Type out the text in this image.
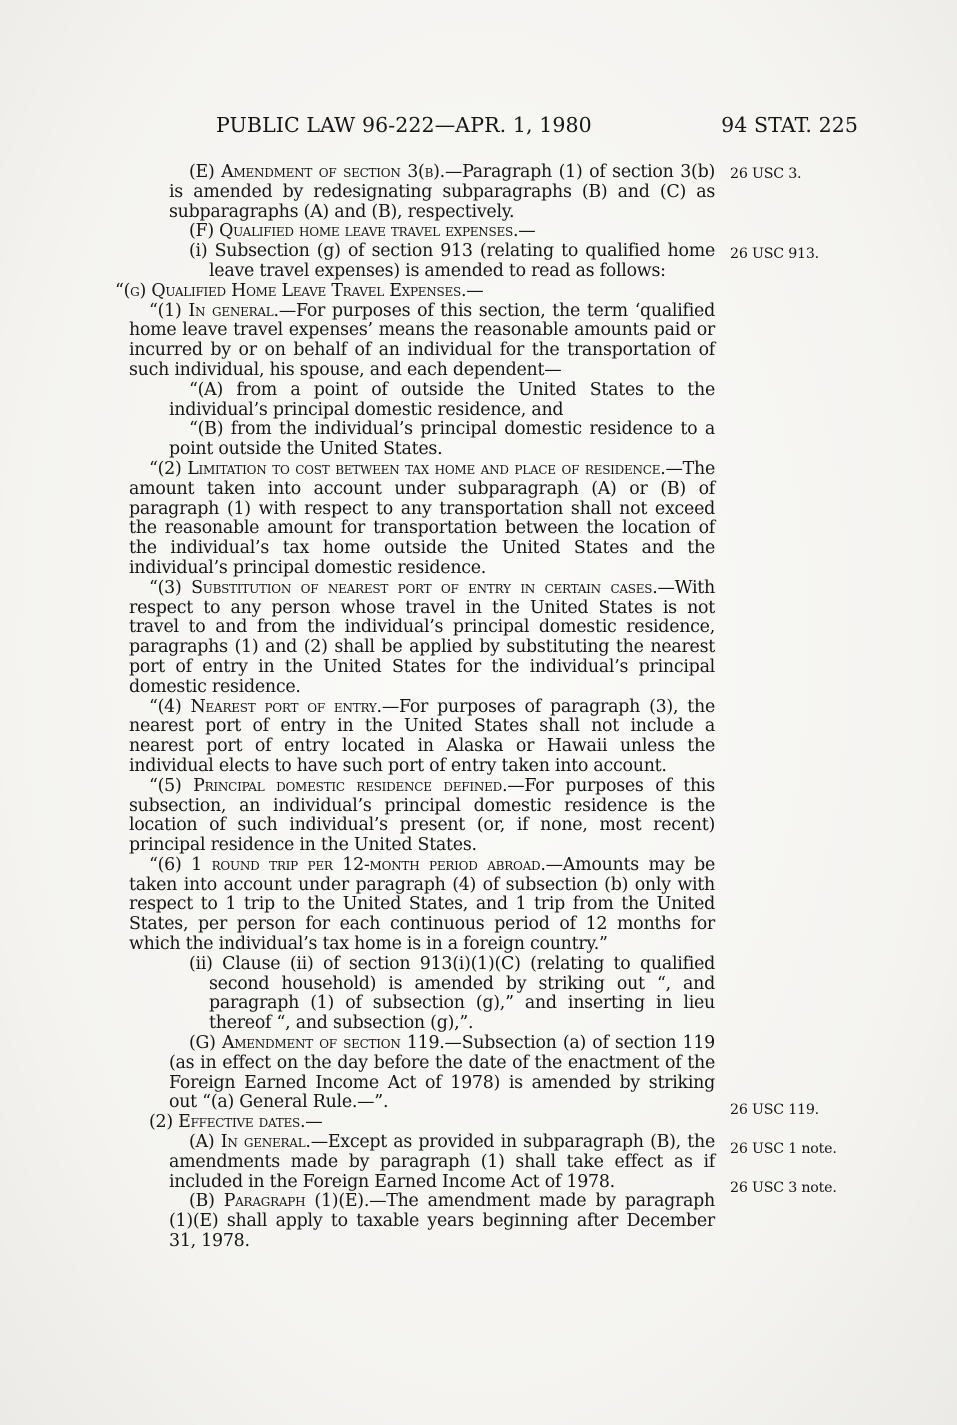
PUBLIC LAW 96-222—APR. 1, 1980	94 STAT. 225
26 USC 3.
26 USC 913.
26 USC 119.
26 USC 1 note.
26 USC 3 note.

(E) Amendment of section 3(b).—Paragraph (1) of section 3(b) is amended by redesignating subparagraphs (B) and (C) as subparagraphs (A) and (B), respectively.

(F) Qualified home leave travel expenses.—

(i) Subsection (g) of section 913 (relating to qualified home leave travel expenses) is amended to read as follows:

“(g) Qualified Home Leave Travel Expenses.—

“(1) In general.—For purposes of this section, the term ‘qualified home leave travel expenses’ means the reasonable amounts paid or incurred by or on behalf of an individual for the transportation of such individual, his spouse, and each dependent—

“(A) from a point of outside the United States to the individual’s principal domestic residence, and

“(B) from the individual’s principal domestic residence to a point outside the United States.

“(2) Limitation to cost between tax home and place of residence.—The amount taken into account under subparagraph (A) or (B) of paragraph (1) with respect to any transportation shall not exceed the reasonable amount for transportation between the location of the individual’s tax home outside the United States and the individual’s principal domestic residence.

“(3) Substitution of nearest port of entry in certain cases.—With respect to any person whose travel in the United States is not travel to and from the individual’s principal domestic residence, paragraphs (1) and (2) shall be applied by substituting the nearest port of entry in the United States for the individual’s principal domestic residence.

“(4) Nearest port of entry.—For purposes of paragraph (3), the nearest port of entry in the United States shall not include a nearest port of entry located in Alaska or Hawaii unless the individual elects to have such port of entry taken into account.

“(5) Principal domestic residence defined.—For purposes of this subsection, an individual’s principal domestic residence is the location of such individual’s present (or, if none, most recent) principal residence in the United States.

“(6) 1 round trip per 12-month period abroad.—Amounts may be taken into account under paragraph (4) of subsection (b) only with respect to 1 trip to the United States, and 1 trip from the United States, per person for each continuous period of 12 months for which the individual’s tax home is in a foreign country.”

(ii) Clause (ii) of section 913(i)(1)(C) (relating to qualified second household) is amended by striking out “, and paragraph (1) of subsection (g),” and inserting in lieu thereof “, and subsection (g),”.

(G) Amendment of section 119.—Subsection (a) of section 119 (as in effect on the day before the date of the enactment of the Foreign Earned Income Act of 1978) is amended by striking out “(a) General Rule.—”.

(2) Effective dates.—

(A) In general.—Except as provided in subparagraph (B), the amendments made by paragraph (1) shall take effect as if included in the Foreign Earned Income Act of 1978.

(B) Paragraph (1)(E).—The amendment made by paragraph (1)(E) shall apply to taxable years beginning after December 31, 1978.
